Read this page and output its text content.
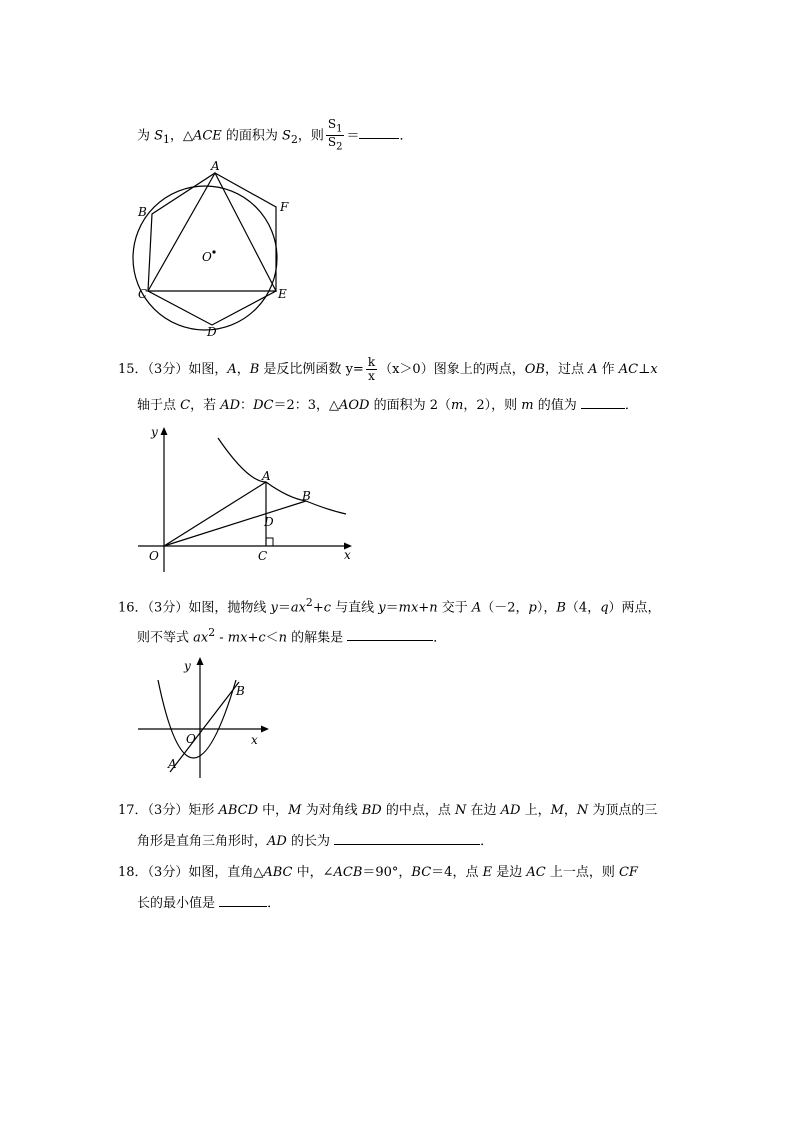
为 $S_1$，△ACE 的面积为 $S_2$，则 $\frac{S_1}{S_2}$ ＝	．
A
B	F
O
C	E
D
15．（3分）如图，A，B 是反比例函数 $y= \frac{k}{x} (x>0)$图象上的两点，OB，过点 A 作 AC⊥x
轴于点 C，若 AD：DC＝2：3，△AOD 的面积为 2（m，2），则 m 的值为	．
y
x
O
A
B
D
C
16．（3分）如图，抛物线 $y=ax^2+c$ 与直线 y＝mx+n 交于 A（－2，p），B（4，q）两点，
则不等式 $ax^2 - mx+c<n$ 的解集是	．
y
x
O
A
B
17．（3分）矩形 ABCD 中，M 为对角线 BD 的中点，点 N 在边 AD 上，M，N 为顶点的三
角形是直角三角形时，AD 的长为	．
18．（3分）如图，直角△ABC 中，∠ACB＝90°，BC＝4，点 E 是边 AC 上一点，则 CF
长的最小值是	．
